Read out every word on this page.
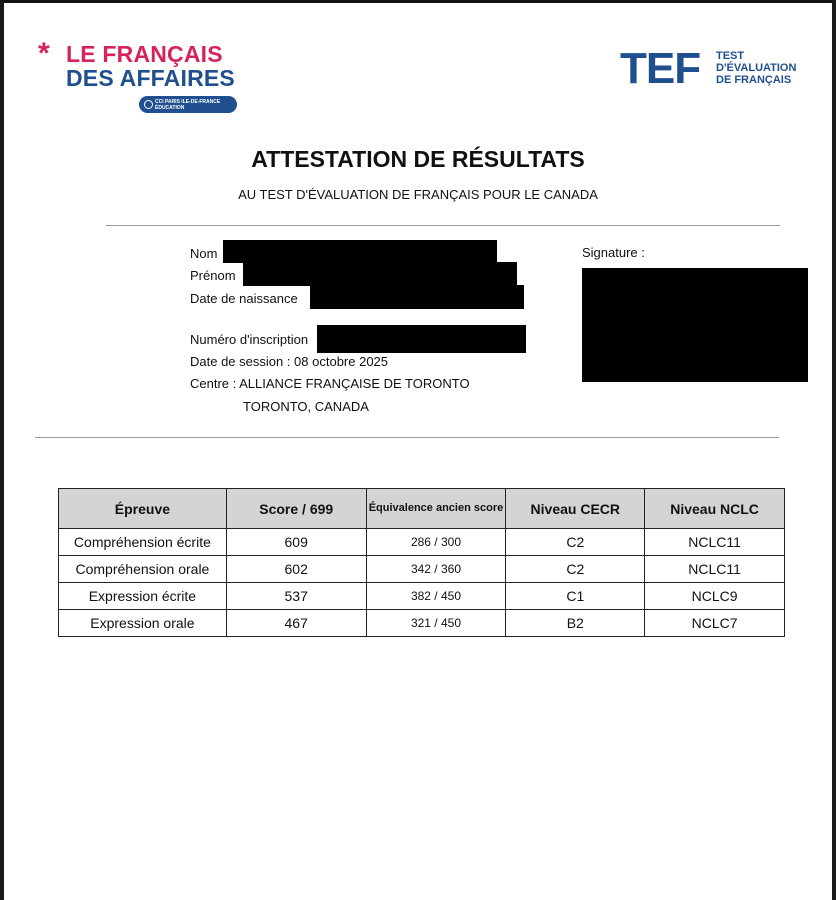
* LE FRANÇAIS
DES AFFAIRES
CCI PARIS ILE-DE-FRANCE ÉDUCATION
TEF TEST
D'ÉVALUATION
DE FRANÇAIS
ATTESTATION DE RÉSULTATS
AU TEST D'ÉVALUATION DE FRANÇAIS POUR LE CANADA
Nom
Prénom
Date de naissance
Numéro d'inscription
Date de session : 08 octobre 2025
Centre : ALLIANCE FRANÇAISE DE TORONTO
TORONTO, CANADA
Signature :
Épreuve	Score / 699	Équivalence ancien score	Niveau CECR	Niveau NCLC
Compréhension écrite	609	286 / 300	C2	NCLC11
Compréhension orale	602	342 / 360	C2	NCLC11
Expression écrite	537	382 / 450	C1	NCLC9
Expression orale	467	321 / 450	B2	NCLC7
